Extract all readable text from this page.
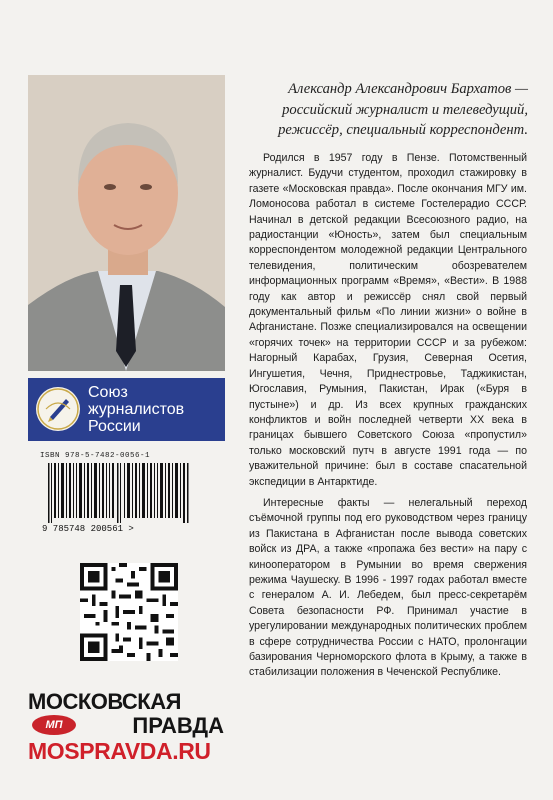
Союз журналистов России
ISBN 978-5-7482-0056-1
9 785748 200561 >
МОСКОВСКАЯ
ПРАВДА
МП
MOSPRAVDA.RU
Александр Александрович Бархатов — российский журналист и телеведущий, режиссёр, специальный корреспондент.

Родился в 1957 году в Пензе. Потомственный журналист. Будучи студентом, проходил стажировку в газете «Московская правда». После окончания МГУ им. Ломоносова работал в системе Гостелерадио СССР. Начинал в детской редакции Всесоюзного радио, на радиостанции «Юность», затем был специальным корреспондентом молодежной редакции Центрального телевидения, политическим обозревателем информационных программ «Время», «Вести». В 1988 году как автор и режиссёр снял свой первый документальный фильм «По линии жизни» о войне в Афганистане. Позже специализировался на освещении «горячих точек» на территории СССР и за рубежом: Нагорный Карабах, Грузия, Северная Осетия, Ингушетия, Чечня, Приднестровье, Таджикистан, Югославия, Румыния, Пакистан, Ирак («Буря в пустыне») и др. Из всех крупных гражданских конфликтов и войн последней четверти XX века в границах бывшего Советского Союза «пропустил» только московский путч в августе 1991 года — по уважительной причине: был в составе спасательной экспедиции в Антарктиде.

Интересные факты — нелегальный переход съёмочной группы под его руководством через границу из Пакистана в Афганистан после вывода советских войск из ДРА, а также «пропажа без вести» на пару с кинооператором в Румынии во время свержения режима Чаушеску. В 1996 - 1997 годах работал вместе с генералом А. И. Лебедем, был пресс-секретарём Совета безопасности РФ. Принимал участие в урегулировании международных политических проблем в сфере сотрудничества России с НАТО, пролонгации базирования Черноморского флота в Крыму, а также в стабилизации положения в Чеченской Республике.
